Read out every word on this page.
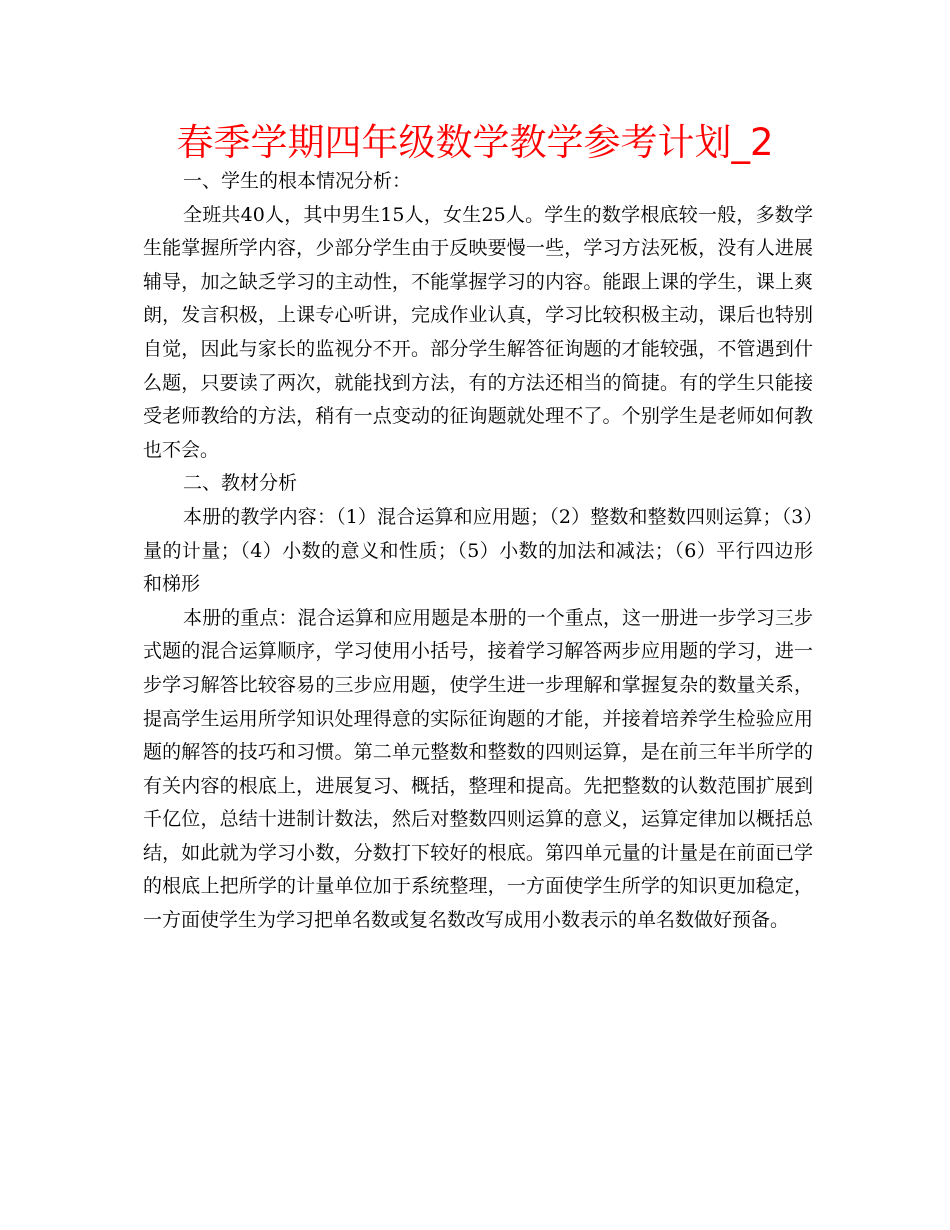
春季学期四年级数学教学参考计划_2

一、学生的根本情况分析：

全班共40人，其中男生15人，女生25人。学生的数学根底较一般，多数学生能掌握所学内容，少部分学生由于反映要慢一些，学习方法死板，没有人进展辅导，加之缺乏学习的主动性，不能掌握学习的内容。能跟上课的学生，课上爽朗，发言积极，上课专心听讲，完成作业认真，学习比较积极主动，课后也特别自觉，因此与家长的监视分不开。部分学生解答征询题的才能较强，不管遇到什么题，只要读了两次，就能找到方法，有的方法还相当的简捷。有的学生只能接受老师教给的方法，稍有一点变动的征询题就处理不了。个别学生是老师如何教也不会。

二、教材分析

本册的教学内容：（1）混合运算和应用题；（2）整数和整数四则运算；（3）量的计量；（4）小数的意义和性质；（5）小数的加法和减法；（6）平行四边形和梯形

本册的重点：混合运算和应用题是本册的一个重点，这一册进一步学习三步式题的混合运算顺序，学习使用小括号，接着学习解答两步应用题的学习，进一步学习解答比较容易的三步应用题，使学生进一步理解和掌握复杂的数量关系，提高学生运用所学知识处理得意的实际征询题的才能，并接着培养学生检验应用题的解答的技巧和习惯。第二单元整数和整数的四则运算，是在前三年半所学的有关内容的根底上，进展复习、概括，整理和提高。先把整数的认数范围扩展到千亿位，总结十进制计数法，然后对整数四则运算的意义，运算定律加以概括总结，如此就为学习小数，分数打下较好的根底。第四单元量的计量是在前面已学的根底上把所学的计量单位加于系统整理，一方面使学生所学的知识更加稳定，一方面使学生为学习把单名数或复名数改写成用小数表示的单名数做好预备。
